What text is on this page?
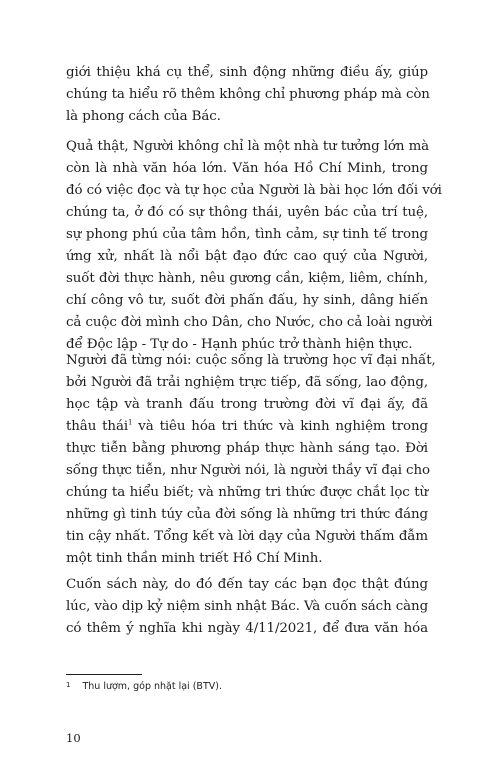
giới thiệu khá cụ thể, sinh động những điều ấy, giúp
chúng ta hiểu rõ thêm không chỉ phương pháp mà còn
là phong cách của Bác.

Quả thật, Người không chỉ là một nhà tư tưởng lớn mà
còn là nhà văn hóa lớn. Văn hóa Hồ Chí Minh, trong
đó có việc đọc và tự học của Người là bài học lớn đối với
chúng ta, ở đó có sự thông thái, uyên bác của trí tuệ,
sự phong phú của tâm hồn, tình cảm, sự tinh tế trong
ứng xử, nhất là nổi bật đạo đức cao quý của Người,
suốt đời thực hành, nêu gương cần, kiệm, liêm, chính,
chí công vô tư, suốt đời phấn đấu, hy sinh, dâng hiến
cả cuộc đời mình cho Dân, cho Nước, cho cả loài người
để Độc lập - Tự do - Hạnh phúc trở thành hiện thực.

Người đã từng nói: cuộc sống là trường học vĩ đại nhất,
bởi Người đã trải nghiệm trực tiếp, đã sống, lao động,
học tập và tranh đấu trong trường đời vĩ đại ấy, đã
thâu thái$^1$ và tiêu hóa tri thức và kinh nghiệm trong
thực tiễn bằng phương pháp thực hành sáng tạo. Đời
sống thực tiễn, như Người nói, là người thầy vĩ đại cho
chúng ta hiểu biết; và những tri thức được chắt lọc từ
những gì tinh túy của đời sống là những tri thức đáng
tin cậy nhất. Tổng kết và lời dạy của Người thấm đẫm
một tinh thần minh triết Hồ Chí Minh.

Cuốn sách này, do đó đến tay các bạn đọc thật đúng
lúc, vào dịp kỷ niệm sinh nhật Bác. Và cuốn sách càng
có thêm ý nghĩa khi ngày 4/11/2021, để đưa văn hóa

$^1$ Thu lượm, góp nhặt lại (BTV).
10
